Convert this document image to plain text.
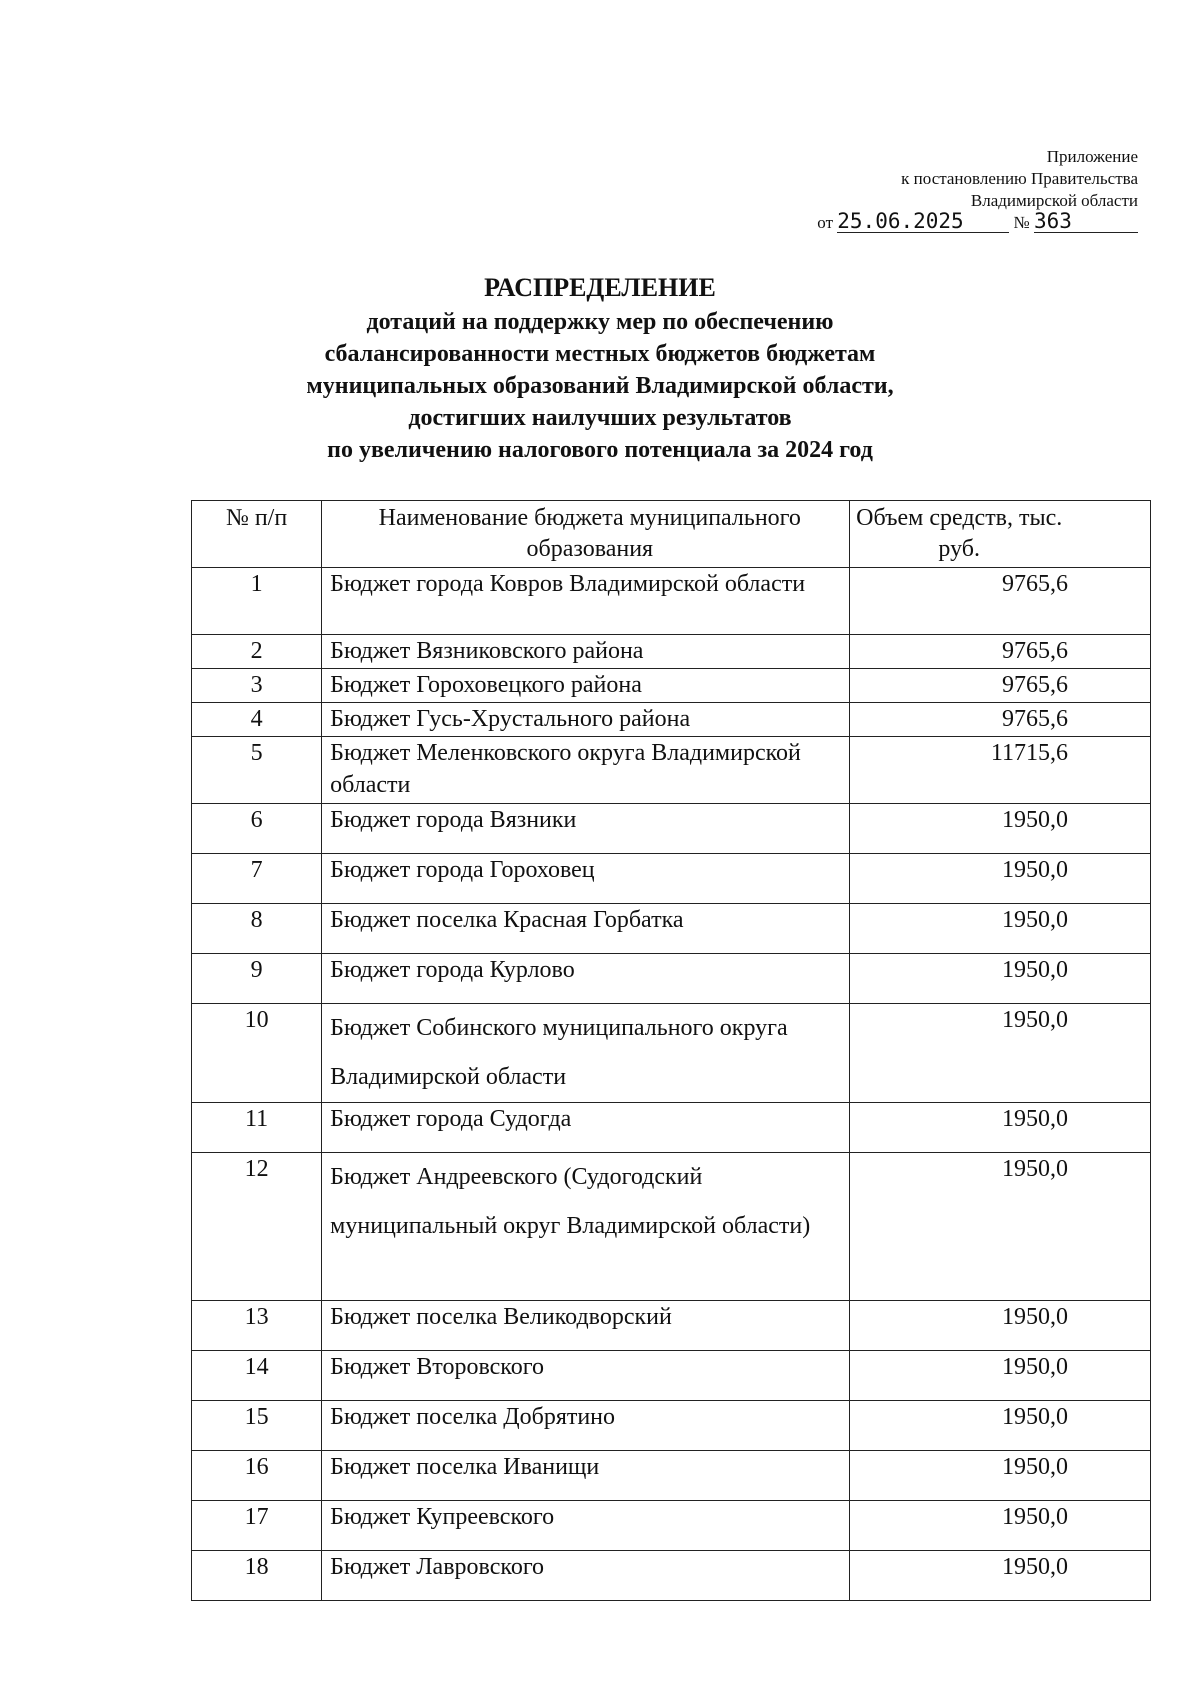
Приложение
к постановлению Правительства
Владимирской области
от 25.06.2025	№ 363
РАСПРЕДЕЛЕНИЕ
дотаций на поддержку мер по обеспечению
сбалансированности местных бюджетов бюджетам
муниципальных образований Владимирской области,
достигших наилучших результатов
по увеличению налогового потенциала за 2024 год
№ п/п	Наименование бюджета муниципального образования	Объем средств, тыс. руб.
1	Бюджет города Ковров Владимирской области	9765,6
2	Бюджет Вязниковского района	9765,6
3	Бюджет Гороховецкого района	9765,6
4	Бюджет Гусь-Хрустального района	9765,6
5	Бюджет Меленковского округа Владимирской области	11715,6
6	Бюджет города Вязники	1950,0
7	Бюджет города Гороховец	1950,0
8	Бюджет поселка Красная Горбатка	1950,0
9	Бюджет города Курлово	1950,0
10	Бюджет Собинского муниципального округа Владимирской области	1950,0
11	Бюджет города Судогда	1950,0
12	Бюджет Андреевского (Судогодский муниципальный округ Владимирской области)	1950,0
13	Бюджет поселка Великодворский	1950,0
14	Бюджет Второвского	1950,0
15	Бюджет поселка Добрятино	1950,0
16	Бюджет поселка Иванищи	1950,0
17	Бюджет Купреевского	1950,0
18	Бюджет Лавровского	1950,0
